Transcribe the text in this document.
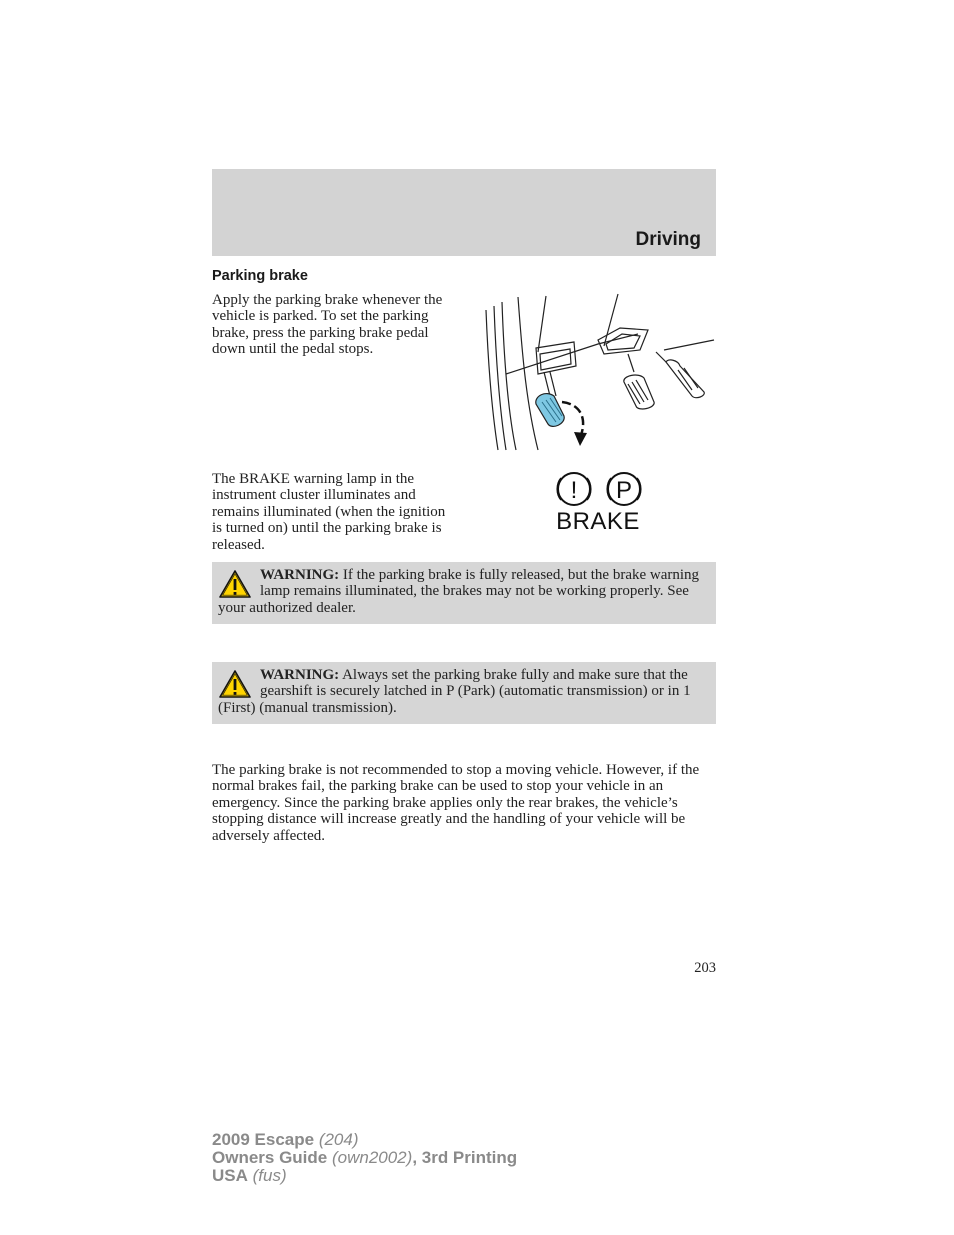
Driving
Parking brake
Apply the parking brake whenever the vehicle is parked. To set the parking brake, press the parking brake pedal down until the pedal stops.
The BRAKE warning lamp in the instrument cluster illuminates and remains illuminated (when the ignition is turned on) until the parking brake is released.
! P
BRAKE
WARNING: If the parking brake is fully released, but the brake warning lamp remains illuminated, the brakes may not be working properly. See your authorized dealer.
WARNING: Always set the parking brake fully and make sure that the gearshift is securely latched in P (Park) (automatic transmission) or in 1 (First) (manual transmission).
The parking brake is not recommended to stop a moving vehicle. However, if the normal brakes fail, the parking brake can be used to stop your vehicle in an emergency. Since the parking brake applies only the rear brakes, the vehicle’s stopping distance will increase greatly and the handling of your vehicle will be adversely affected.
203
2009 Escape (204)
Owners Guide (own2002), 3rd Printing
USA (fus)
